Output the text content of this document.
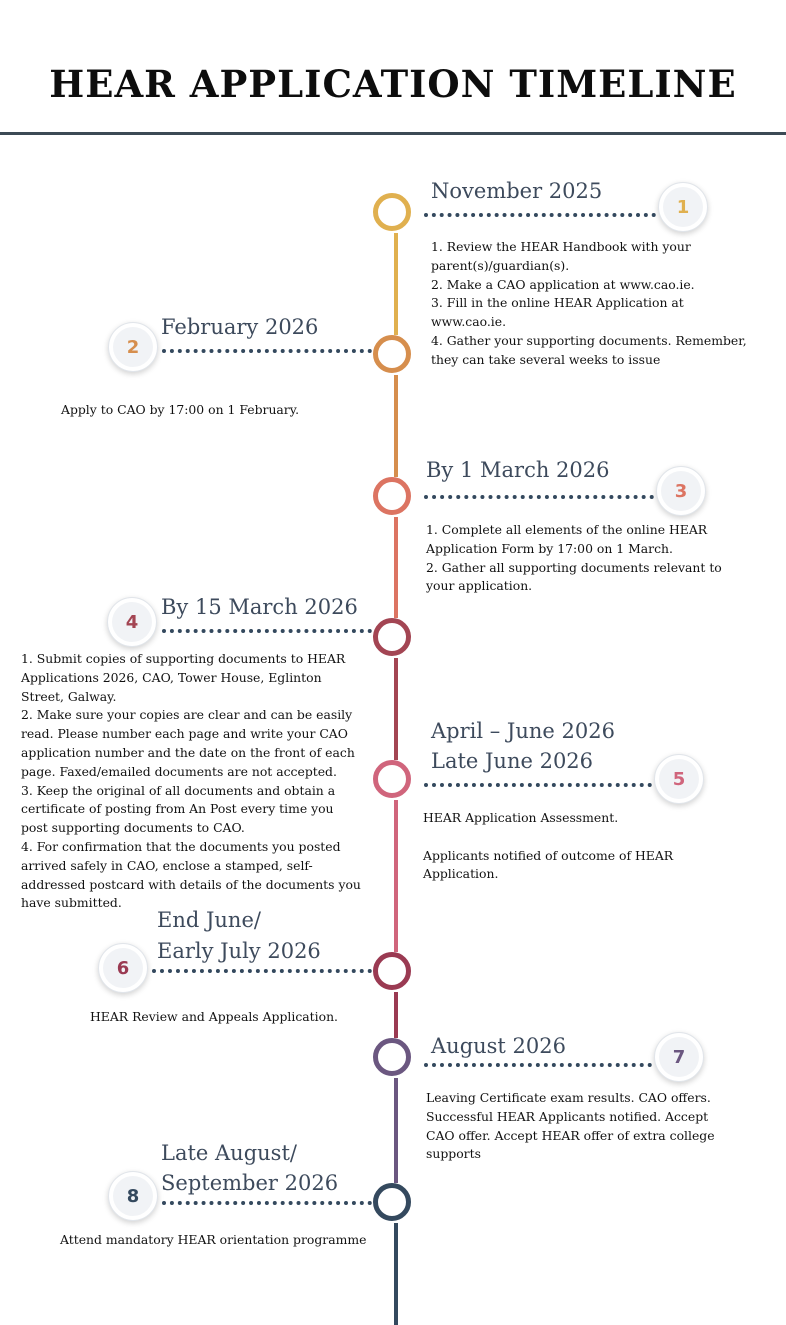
HEAR APPLICATION TIMELINE
1
November 2025
1. Review the HEAR Handbook with your
parent(s)/guardian(s).
2. Make a CAO application at www.cao.ie.
3. Fill in the online HEAR Application at
www.cao.ie.
4. Gather your supporting documents. Remember,
they can take several weeks to issue
2
February 2026
Apply to CAO by 17:00 on 1 February.
3
By 1 March 2026
1. Complete all elements of the online HEAR
Application Form by 17:00 on 1 March.
2. Gather all supporting documents relevant to
your application.
4
By 15 March 2026
1. Submit copies of supporting documents to HEAR
Applications 2026, CAO, Tower House, Eglinton
Street, Galway.
2. Make sure your copies are clear and can be easily
read. Please number each page and write your CAO
application number and the date on the front of each
page. Faxed/emailed documents are not accepted.
3. Keep the original of all documents and obtain a
certificate of posting from An Post every time you
post supporting documents to CAO.
4. For confirmation that the documents you posted
arrived safely in CAO, enclose a stamped, self-
addressed postcard with details of the documents you
have submitted.
5
April – June 2026
Late June 2026
HEAR Application Assessment.
Applicants notified of outcome of HEAR
Application.
6
End June/
Early July 2026
HEAR Review and Appeals Application.
7
August 2026
Leaving Certificate exam results. CAO offers.
Successful HEAR Applicants notified. Accept
CAO offer. Accept HEAR offer of extra college
supports
8
Late August/
September 2026
Attend mandatory HEAR orientation programme
